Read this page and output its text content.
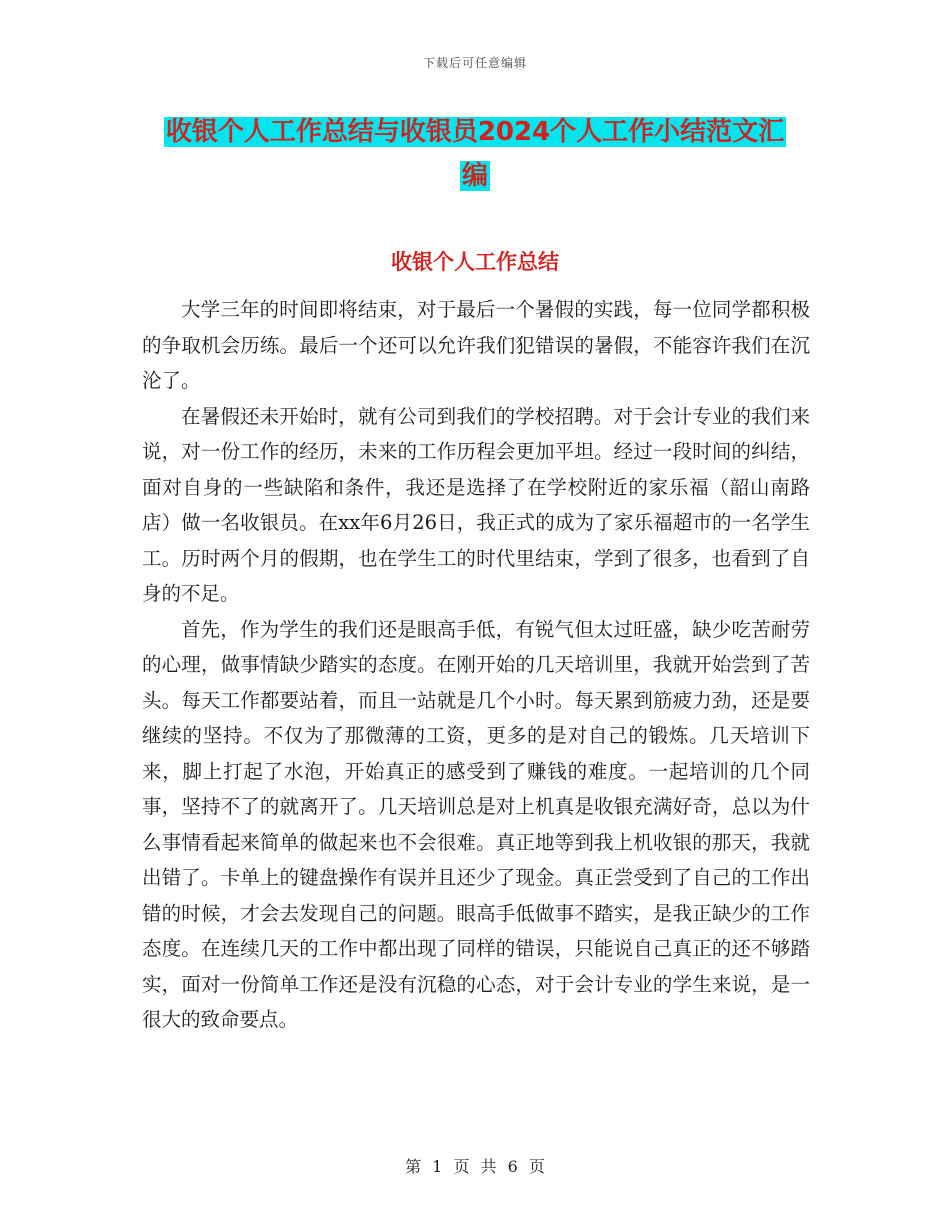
下载后可任意编辑
收银个人工作总结与收银员2024个人工作小结范文汇
编
收银个人工作总结

大学三年的时间即将结束，对于最后一个暑假的实践，每一位同学都积极的争取机会历练。最后一个还可以允许我们犯错误的暑假，不能容许我们在沉沦了。

在暑假还未开始时，就有公司到我们的学校招聘。对于会计专业的我们来说，对一份工作的经历，未来的工作历程会更加平坦。经过一段时间的纠结，面对自身的一些缺陷和条件，我还是选择了在学校附近的家乐福（韶山南路店）做一名收银员。在xx年6月26日，我正式的成为了家乐福超市的一名学生工。历时两个月的假期，也在学生工的时代里结束，学到了很多，也看到了自身的不足。

首先，作为学生的我们还是眼高手低，有锐气但太过旺盛，缺少吃苦耐劳的心理，做事情缺少踏实的态度。在刚开始的几天培训里，我就开始尝到了苦头。每天工作都要站着，而且一站就是几个小时。每天累到筋疲力劲，还是要继续的坚持。不仅为了那微薄的工资，更多的是对自己的锻炼。几天培训下来，脚上打起了水泡，开始真正的感受到了赚钱的难度。一起培训的几个同事，坚持不了的就离开了。几天培训总是对上机真是收银充满好奇，总以为什么事情看起来简单的做起来也不会很难。真正地等到我上机收银的那天，我就出错了。卡单上的键盘操作有误并且还少了现金。真正尝受到了自己的工作出错的时候，才会去发现自己的问题。眼高手低做事不踏实，是我正缺少的工作态度。在连续几天的工作中都出现了同样的错误，只能说自己真正的还不够踏实，面对一份简单工作还是没有沉稳的心态，对于会计专业的学生来说，是一很大的致命要点。

第 1 页 共 6 页
